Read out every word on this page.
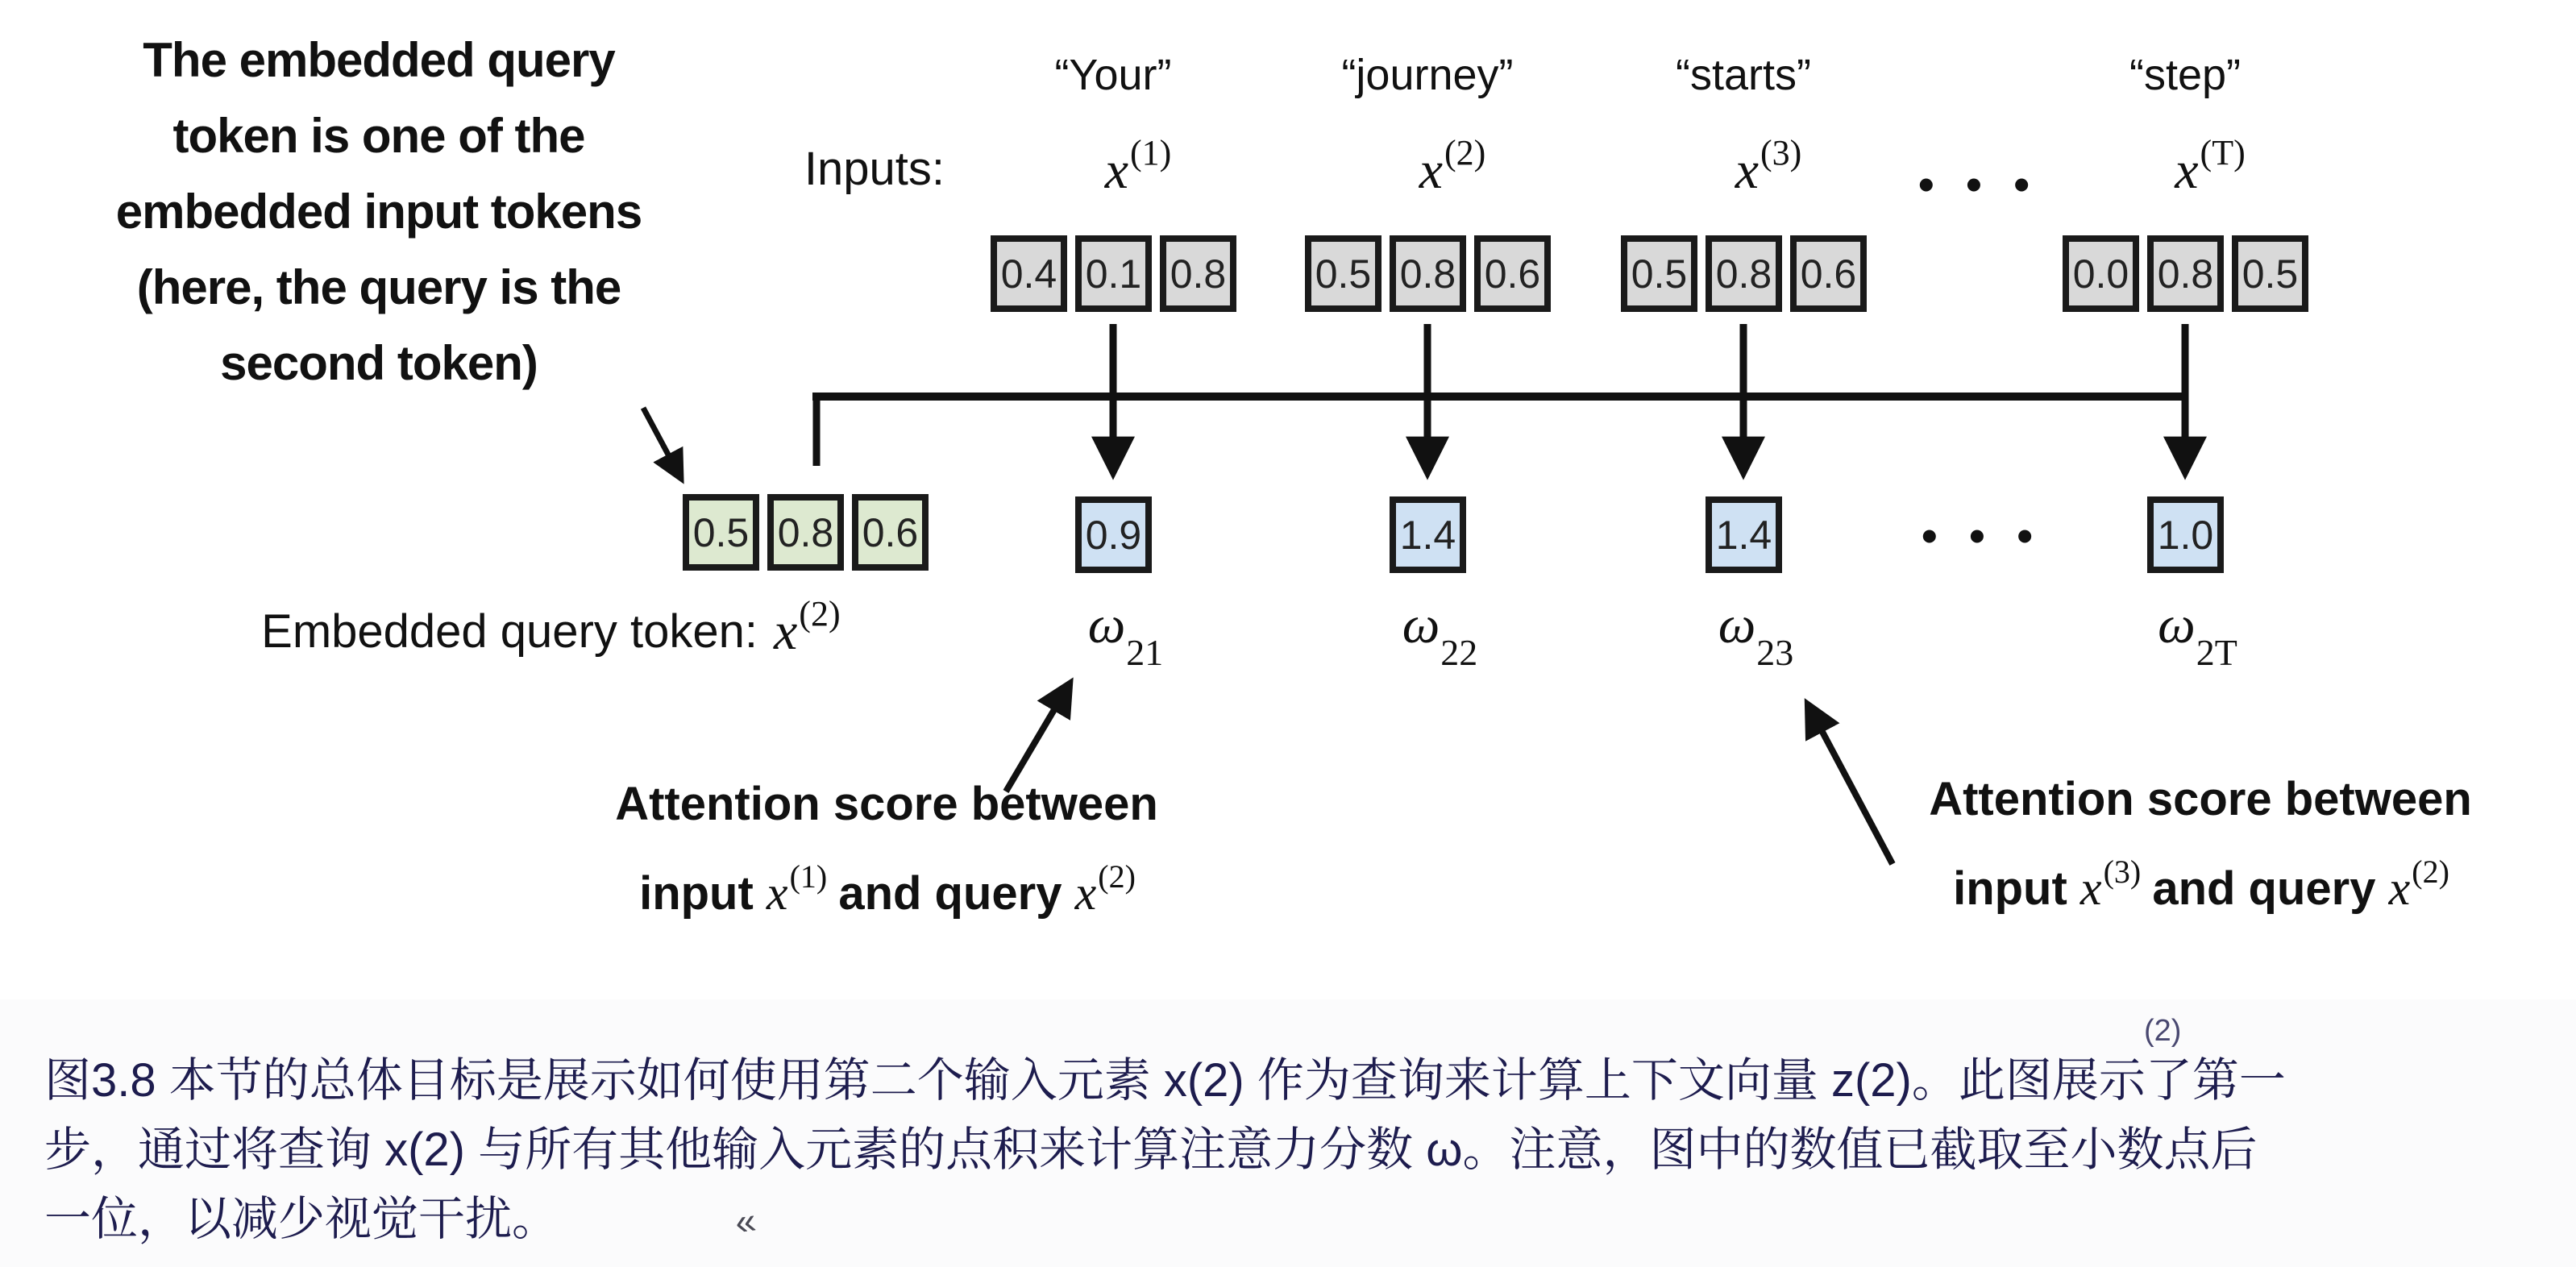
The embedded query
token is one of the
embedded input tokens
(here, the query is the
second token)
Inputs:
“Your”
$x^{(1)}$
0.4 0.1 0.8
0.9
$\omega_{21}$
“journey”
$x^{(2)}$
0.5 0.8 0.6
1.4
$\omega_{22}$
“starts”
$x^{(3)}$
0.5 0.8 0.6
1.4
$\omega_{23}$
“step”
$x^{(T)}$
0.0 0.8 0.5
1.0
$\omega_{2T}$
• • •
• • •
0.5 0.8 0.6
Embedded query token: $x^{(2)}$
Attention score between
input $x^{(1)}$ and query $x^{(2)}$
Attention score between
input $x^{(3)}$ and query $x^{(2)}$
图3.8 本节的总体目标是展示如何使用第二个输入元素 x(2) 作为查询来计算上下文向量 z(2)。此图展示了第一
步，通过将查询 x(2) 与所有其他输入元素的点积来计算注意力分数 ω。注意，图中的数值已截取至小数点后
一位，以减少视觉干扰。
(2)
«
